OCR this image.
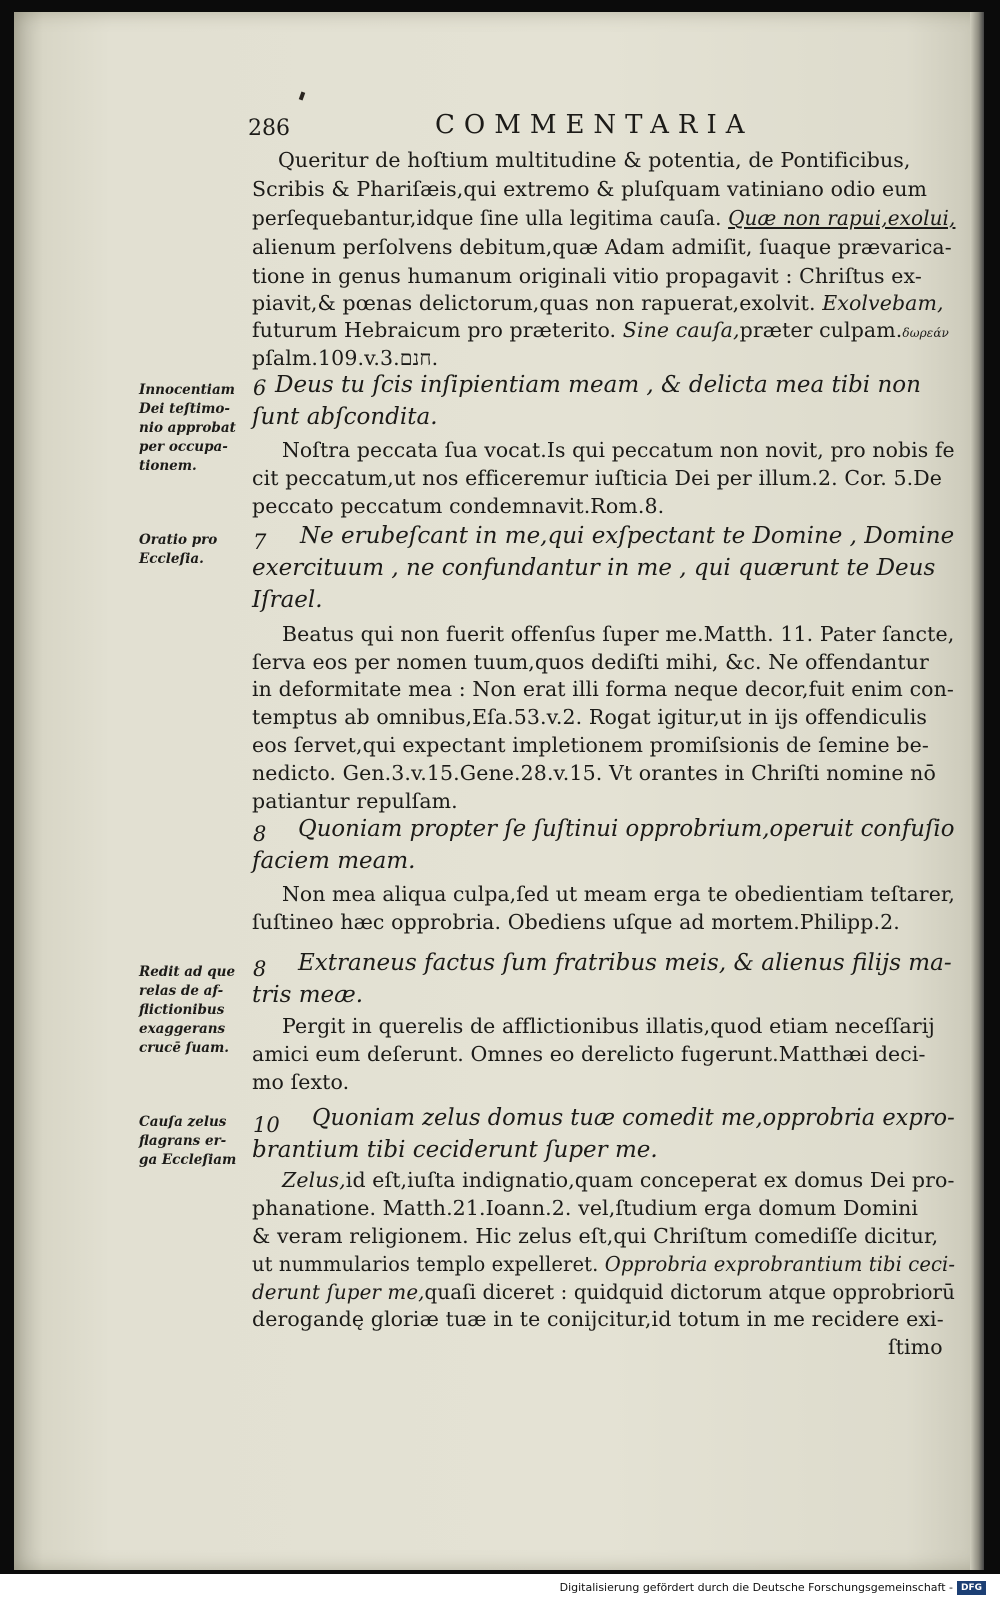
286	COMMENTARIA
Queritur de hoſtium multitudine & potentia, de Pontificibus,
Scribis & Phariſæis,qui extremo & pluſquam vatiniano odio eum
perſequebantur,idque ſine ulla legitima cauſa. Quæ non rapui,exolui,
alienum perſolvens debitum,quæ Adam admiſit, ſuaque prævarica-
tione in genus humanum originali vitio propagavit : Chriſtus ex-
piavit,& pœnas delictorum,quas non rapuerat,exolvit. Exolvebam,
futurum Hebraicum pro præterito. Sine cauſa,præter culpam.δωρεάν
pſalm.109.v.3.חנם.
Innocentiam
Dei teſtimo-
nio approbat
per occupa-
tionem.
6 Deus tu ſcis inſipientiam meam , & delicta mea tibi non
ſunt abſcondita.
Noſtra peccata ſua vocat.Is qui peccatum non novit, pro nobis fe
cit peccatum,ut nos efficeremur iuſticia Dei per illum.2. Cor. 5.De
peccato peccatum condemnavit.Rom.8.
Oratio pro
Eccleſia.
7 Ne erubeſcant in me,qui exſpectant te Domine , Domine
exercituum , ne confundantur in me , qui quærunt te Deus
Iſrael.
Beatus qui non fuerit offenſus ſuper me.Matth. 11. Pater ſancte,
ſerva eos per nomen tuum,quos dediſti mihi, &c. Ne offendantur
in deformitate mea : Non erat illi forma neque decor,fuit enim con-
temptus ab omnibus,Eſa.53.v.2. Rogat igitur,ut in ijs offendiculis
eos ſervet,qui expectant impletionem promiſsionis de ſemine be-
nedicto. Gen.3.v.15.Gene.28.v.15. Vt orantes in Chriſti nomine nō
patiantur repulſam.
8 Quoniam propter ſe ſuſtinui opprobrium,operuit confuſio
faciem meam.
Non mea aliqua culpa,ſed ut meam erga te obedientiam teſtarer,
ſuſtineo hæc opprobria. Obediens uſque ad mortem.Philipp.2.
Redit ad que
relas de af-
flictionibus
exaggerans
crucē ſuam.
8 Extraneus factus ſum fratribus meis, & alienus filijs ma-
tris meæ.
Pergit in querelis de afflictionibus illatis,quod etiam neceſſarij
amici eum deſerunt. Omnes eo derelicto fugerunt.Matthæi deci-
mo ſexto.
Cauſa zelus
flagrans er-
ga Eccleſiam
10 Quoniam zelus domus tuæ comedit me,opprobria expro-
brantium tibi ceciderunt ſuper me.
Zelus,id eſt,iuſta indignatio,quam conceperat ex domus Dei pro-
phanatione. Matth.21.Ioann.2. vel,ſtudium erga domum Domini
& veram religionem. Hic zelus eſt,qui Chriſtum comediſſe dicitur,
ut nummularios templo expelleret. Opprobria exprobrantium tibi ceci-
derunt ſuper me,quaſi diceret : quidquid dictorum atque opprobriorū
derogandę gloriæ tuæ in te conijcitur,id totum in me recidere exi-
ſtimo
Digitalisierung gefördert durch die Deutsche Forschungsgemeinschaft - DFG
